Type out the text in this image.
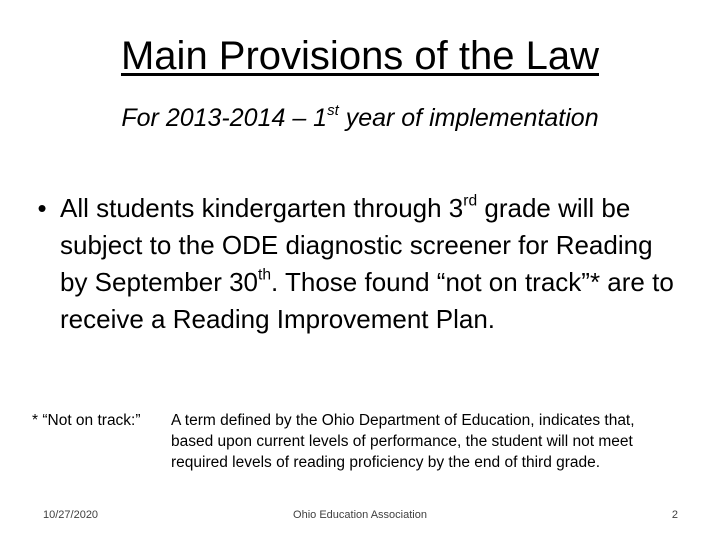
Main Provisions of the Law
For 2013-2014 – 1st year of implementation
• All students kindergarten through 3rd grade will be subject to the ODE diagnostic screener for Reading by September 30th. Those found “not on track”* are to receive a Reading Improvement Plan.
* “Not on track:” A term defined by the Ohio Department of Education, indicates that, based upon current levels of performance, the student will not meet required levels of reading proficiency by the end of third grade.
10/27/2020	Ohio Education Association	2
